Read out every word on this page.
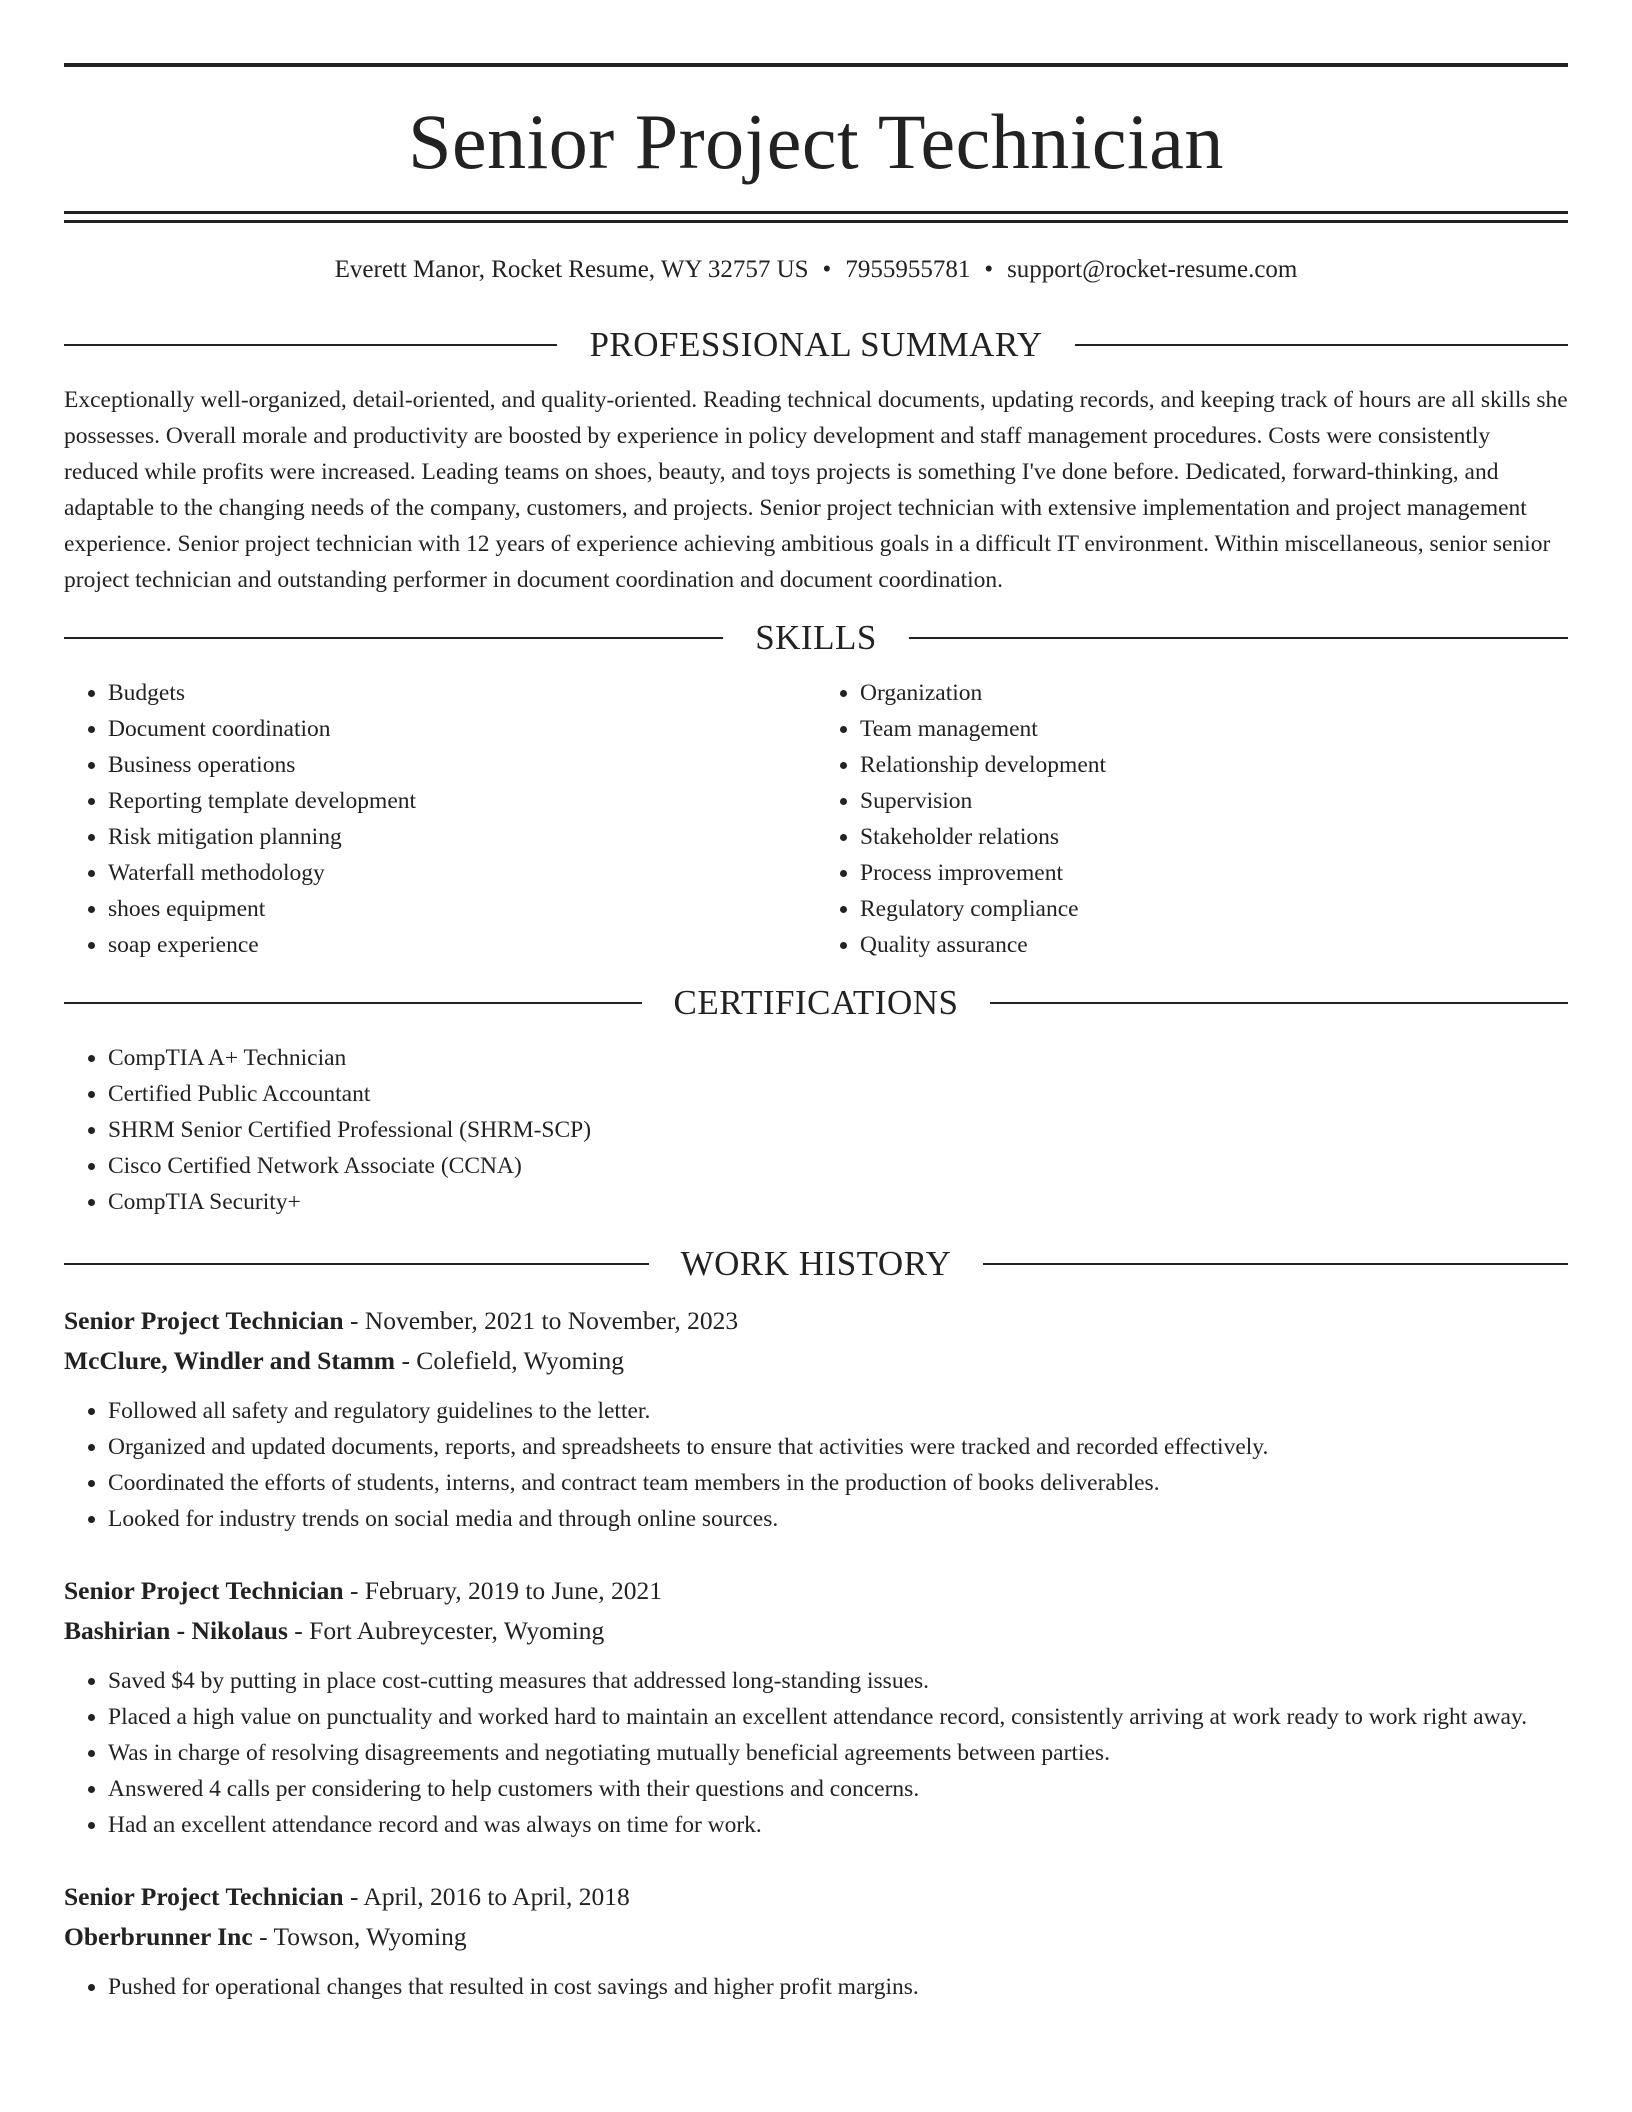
Senior Project Technician
Everett Manor, Rocket Resume, WY 32757 US • 7955955781 • support@rocket-resume.com
PROFESSIONAL SUMMARY

Exceptionally well-organized, detail-oriented, and quality-oriented. Reading technical documents, updating records, and keeping track of hours are all skills she possesses. Overall morale and productivity are boosted by experience in policy development and staff management procedures. Costs were consistently reduced while profits were increased. Leading teams on shoes, beauty, and toys projects is something I've done before. Dedicated, forward-thinking, and adaptable to the changing needs of the company, customers, and projects. Senior project technician with extensive implementation and project management experience. Senior project technician with 12 years of experience achieving ambitious goals in a difficult IT environment. Within miscellaneous, senior senior project technician and outstanding performer in document coordination and document coordination.

SKILLS
• Budgets
• Document coordination
• Business operations
• Reporting template development
• Risk mitigation planning
• Waterfall methodology
• shoes equipment
• soap experience
• Organization
• Team management
• Relationship development
• Supervision
• Stakeholder relations
• Process improvement
• Regulatory compliance
• Quality assurance
CERTIFICATIONS
• CompTIA A+ Technician
• Certified Public Accountant
• SHRM Senior Certified Professional (SHRM-SCP)
• Cisco Certified Network Associate (CCNA)
• CompTIA Security+
WORK HISTORY
Senior Project Technician - November, 2021 to November, 2023
McClure, Windler and Stamm - Colefield, Wyoming
• Followed all safety and regulatory guidelines to the letter.
• Organized and updated documents, reports, and spreadsheets to ensure that activities were tracked and recorded effectively.
• Coordinated the efforts of students, interns, and contract team members in the production of books deliverables.
• Looked for industry trends on social media and through online sources.
Senior Project Technician - February, 2019 to June, 2021
Bashirian - Nikolaus - Fort Aubreycester, Wyoming
• Saved $4 by putting in place cost-cutting measures that addressed long-standing issues.
• Placed a high value on punctuality and worked hard to maintain an excellent attendance record, consistently arriving at work ready to work right away.
• Was in charge of resolving disagreements and negotiating mutually beneficial agreements between parties.
• Answered 4 calls per considering to help customers with their questions and concerns.
• Had an excellent attendance record and was always on time for work.
Senior Project Technician - April, 2016 to April, 2018
Oberbrunner Inc - Towson, Wyoming
• Pushed for operational changes that resulted in cost savings and higher profit margins.
